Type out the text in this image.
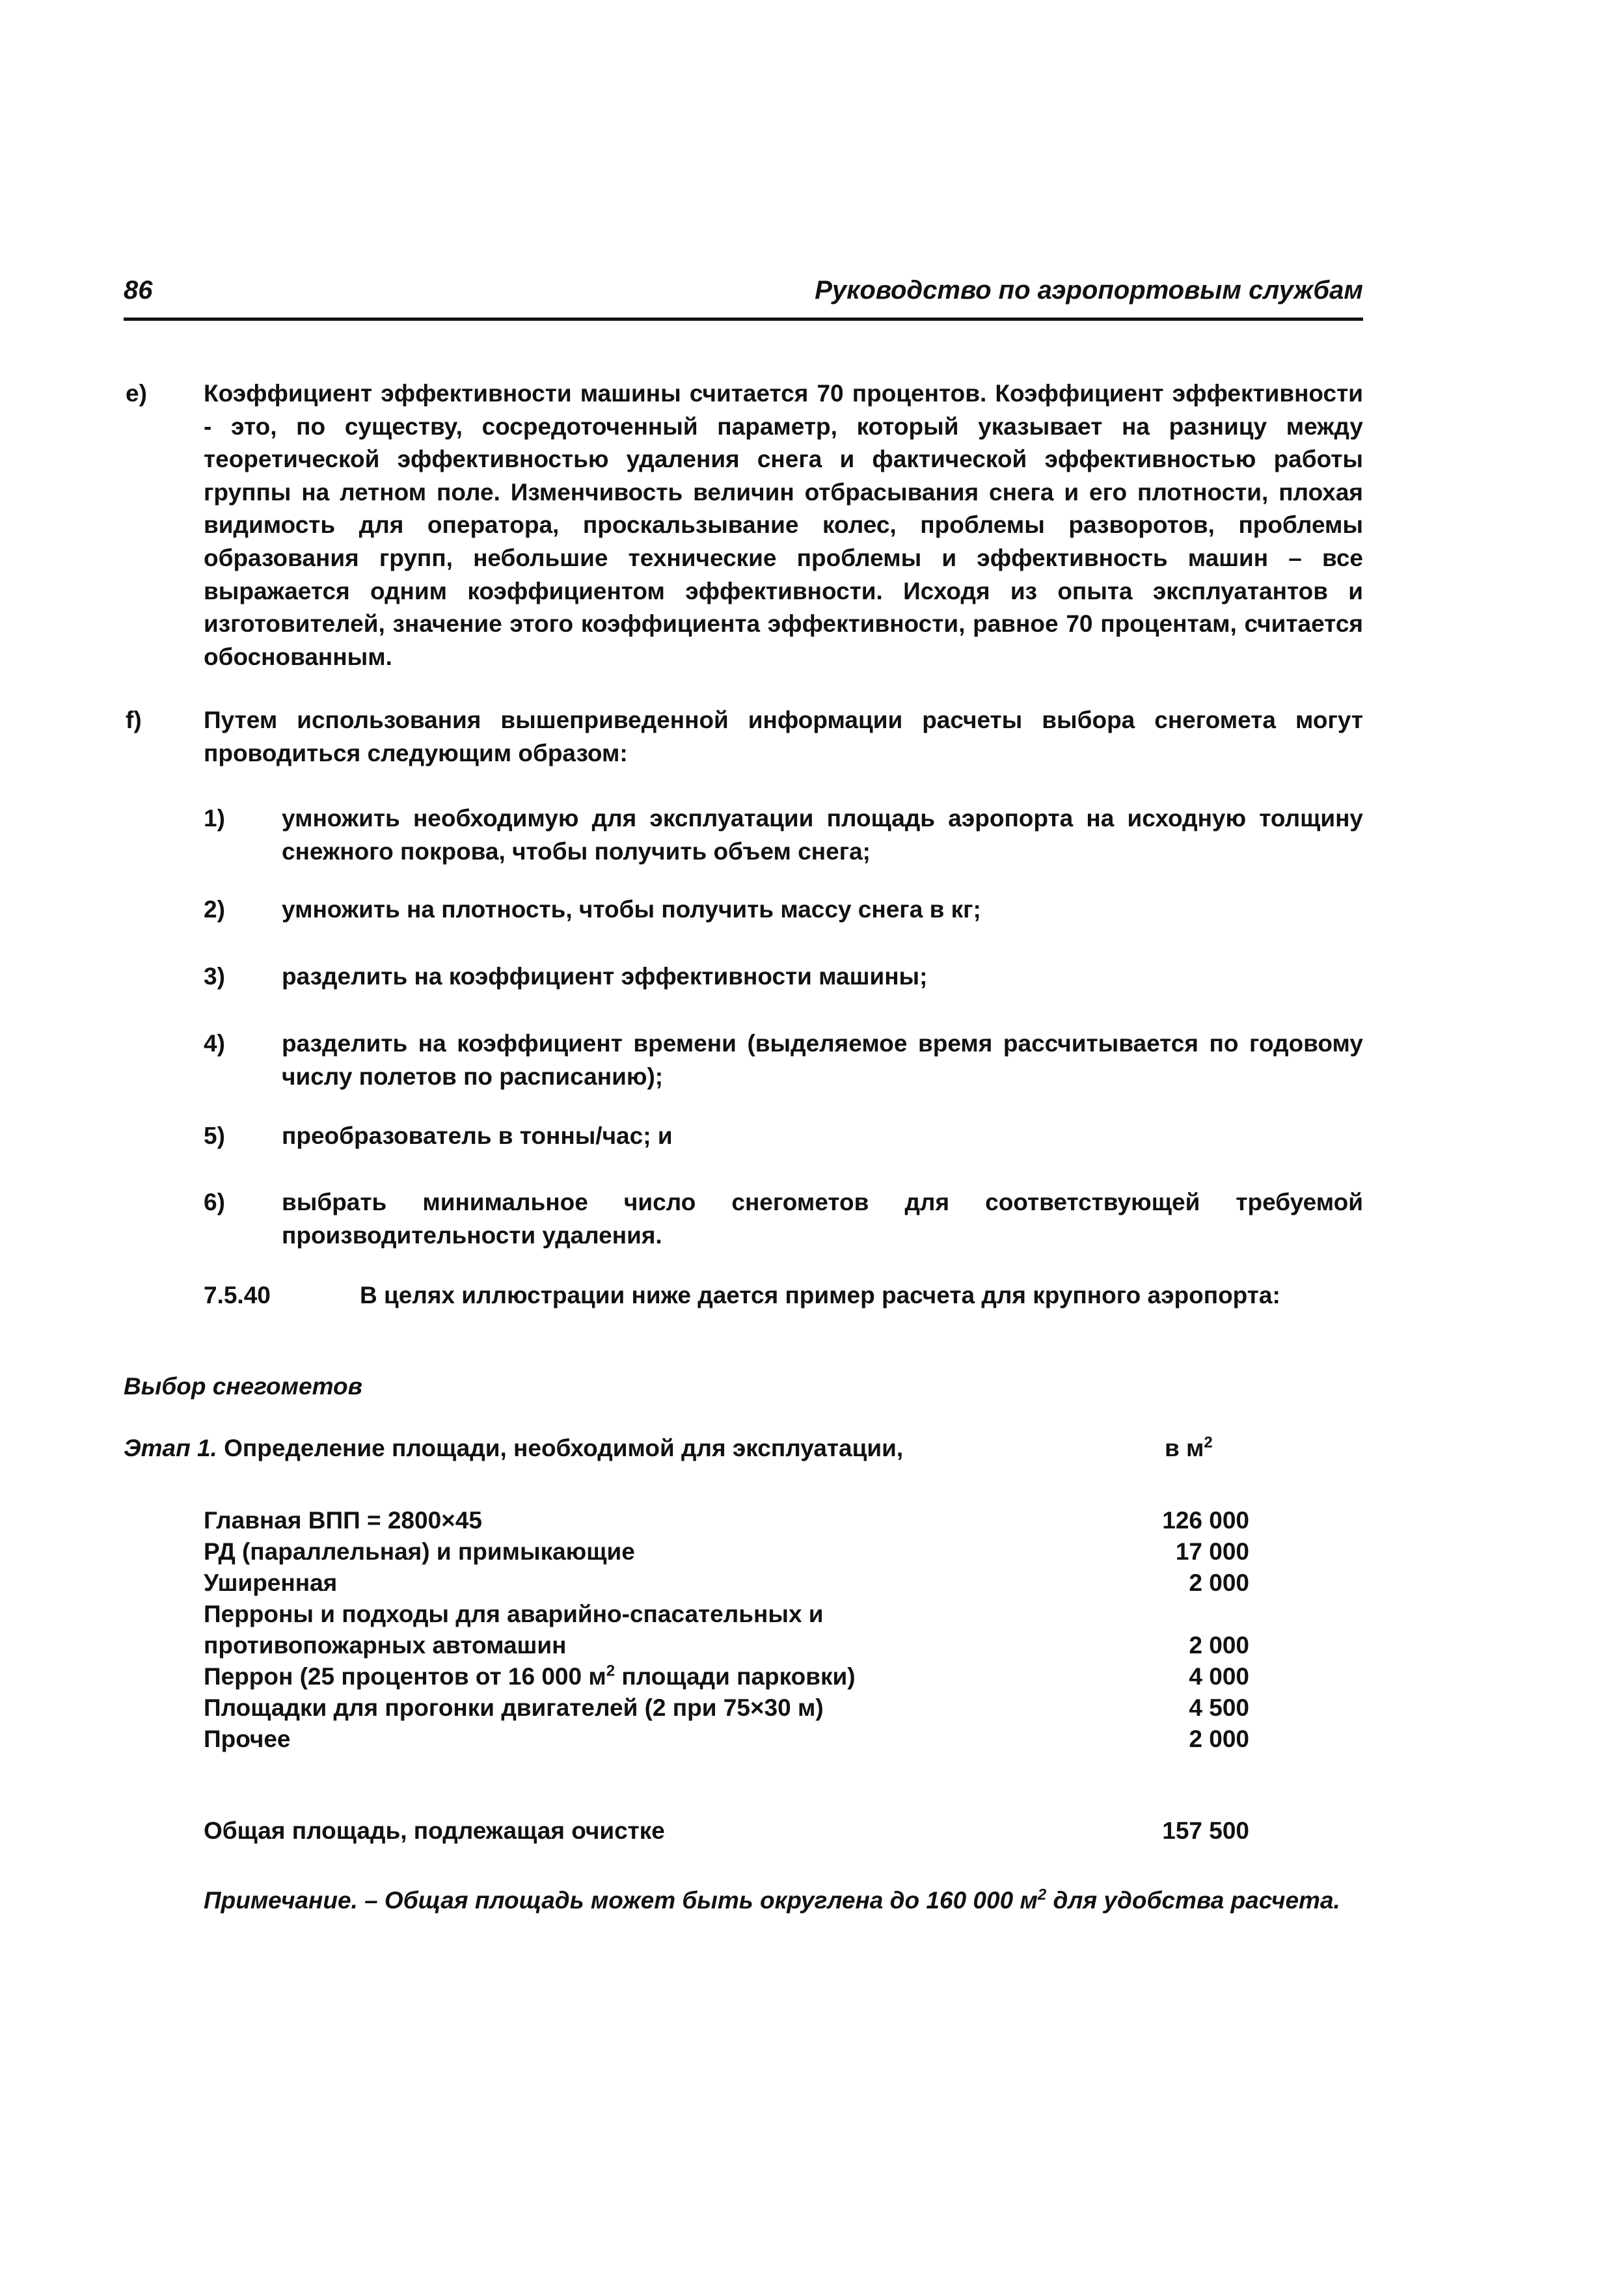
86	Руководство по аэропортовым службам
e) Коэффициент эффективности машины считается 70 процентов. Коэффициент эффективности - это, по существу, сосредоточенный параметр, который указывает на разницу между теоретической эффективностью удаления снега и фактической эффективностью работы группы на летном поле. Изменчивость величин отбрасывания снега и его плотности, плохая видимость для оператора, проскальзывание колес, проблемы разворотов, проблемы образования групп, небольшие технические проблемы и эффективность машин – все выражается одним коэффициентом эффективности. Исходя из опыта эксплуатантов и изготовителей, значение этого коэффициента эффективности, равное 70 процентам, считается обоснованным.
f)	Путем использования вышеприведенной информации расчеты выбора снегомета могут проводиться следующим образом:
1) умножить необходимую для эксплуатации площадь аэропорта на исходную толщину снежного покрова, чтобы получить объем снега;
2) умножить на плотность, чтобы получить массу снега в кг;
3) разделить на коэффициент эффективности машины;
4) разделить на коэффициент времени (выделяемое время рассчитывается по годовому числу полетов по расписанию);
5) преобразователь в тонны/час; и
6) выбрать минимальное число снегометов для соответствующей требуемой производительности удаления.
7.5.40	В целях иллюстрации ниже дается пример расчета для крупного аэропорта:
Выбор снегометов
Этап 1. Определение площади, необходимой для эксплуатации,	в $м^2$
Главная ВПП = 2800×45	126 000
РД (параллельная) и примыкающие	17 000
Уширенная	2 000
Перроны и подходы для аварийно-спасательных и
противопожарных автомашин	2 000
Перрон (25 процентов от 16 000 $м^2$ площади парковки)	4 000
Площадки для прогонки двигателей (2 при 75×30 м)	4 500
Прочее	2 000
Общая площадь, подлежащая очистке	157 500
Примечание. – Общая площадь может быть округлена до 160 000 $м^2$ для удобства расчета.
